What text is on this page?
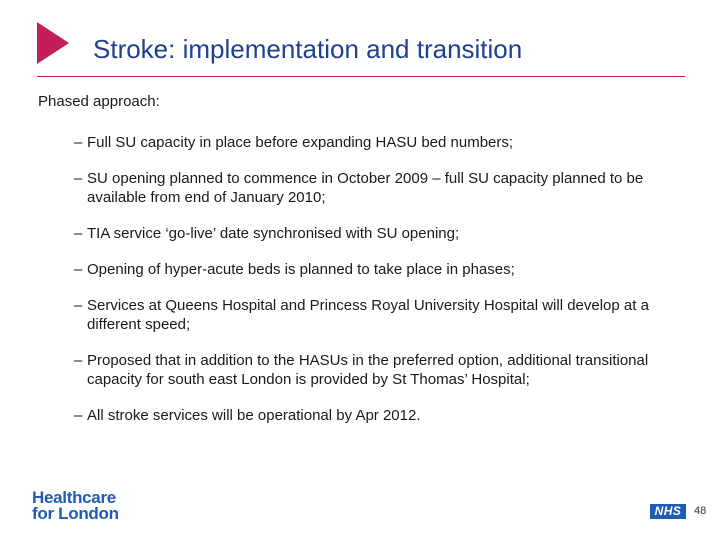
Stroke: implementation and transition
Phased approach:
– Full SU capacity in place before expanding HASU bed numbers;
– SU opening planned to commence in October 2009 – full SU capacity planned to be available from end of January 2010;
– TIA service ‘go-live’ date synchronised with SU opening;
– Opening of hyper-acute beds is planned to take place in phases;
– Services at Queens Hospital and Princess Royal University Hospital will develop at a different speed;
– Proposed that in addition to the HASUs in the preferred option, additional transitional capacity for south east London is provided by St Thomas’ Hospital;
– All stroke services will be operational by Apr 2012.
Healthcare
for London	NHS	48
